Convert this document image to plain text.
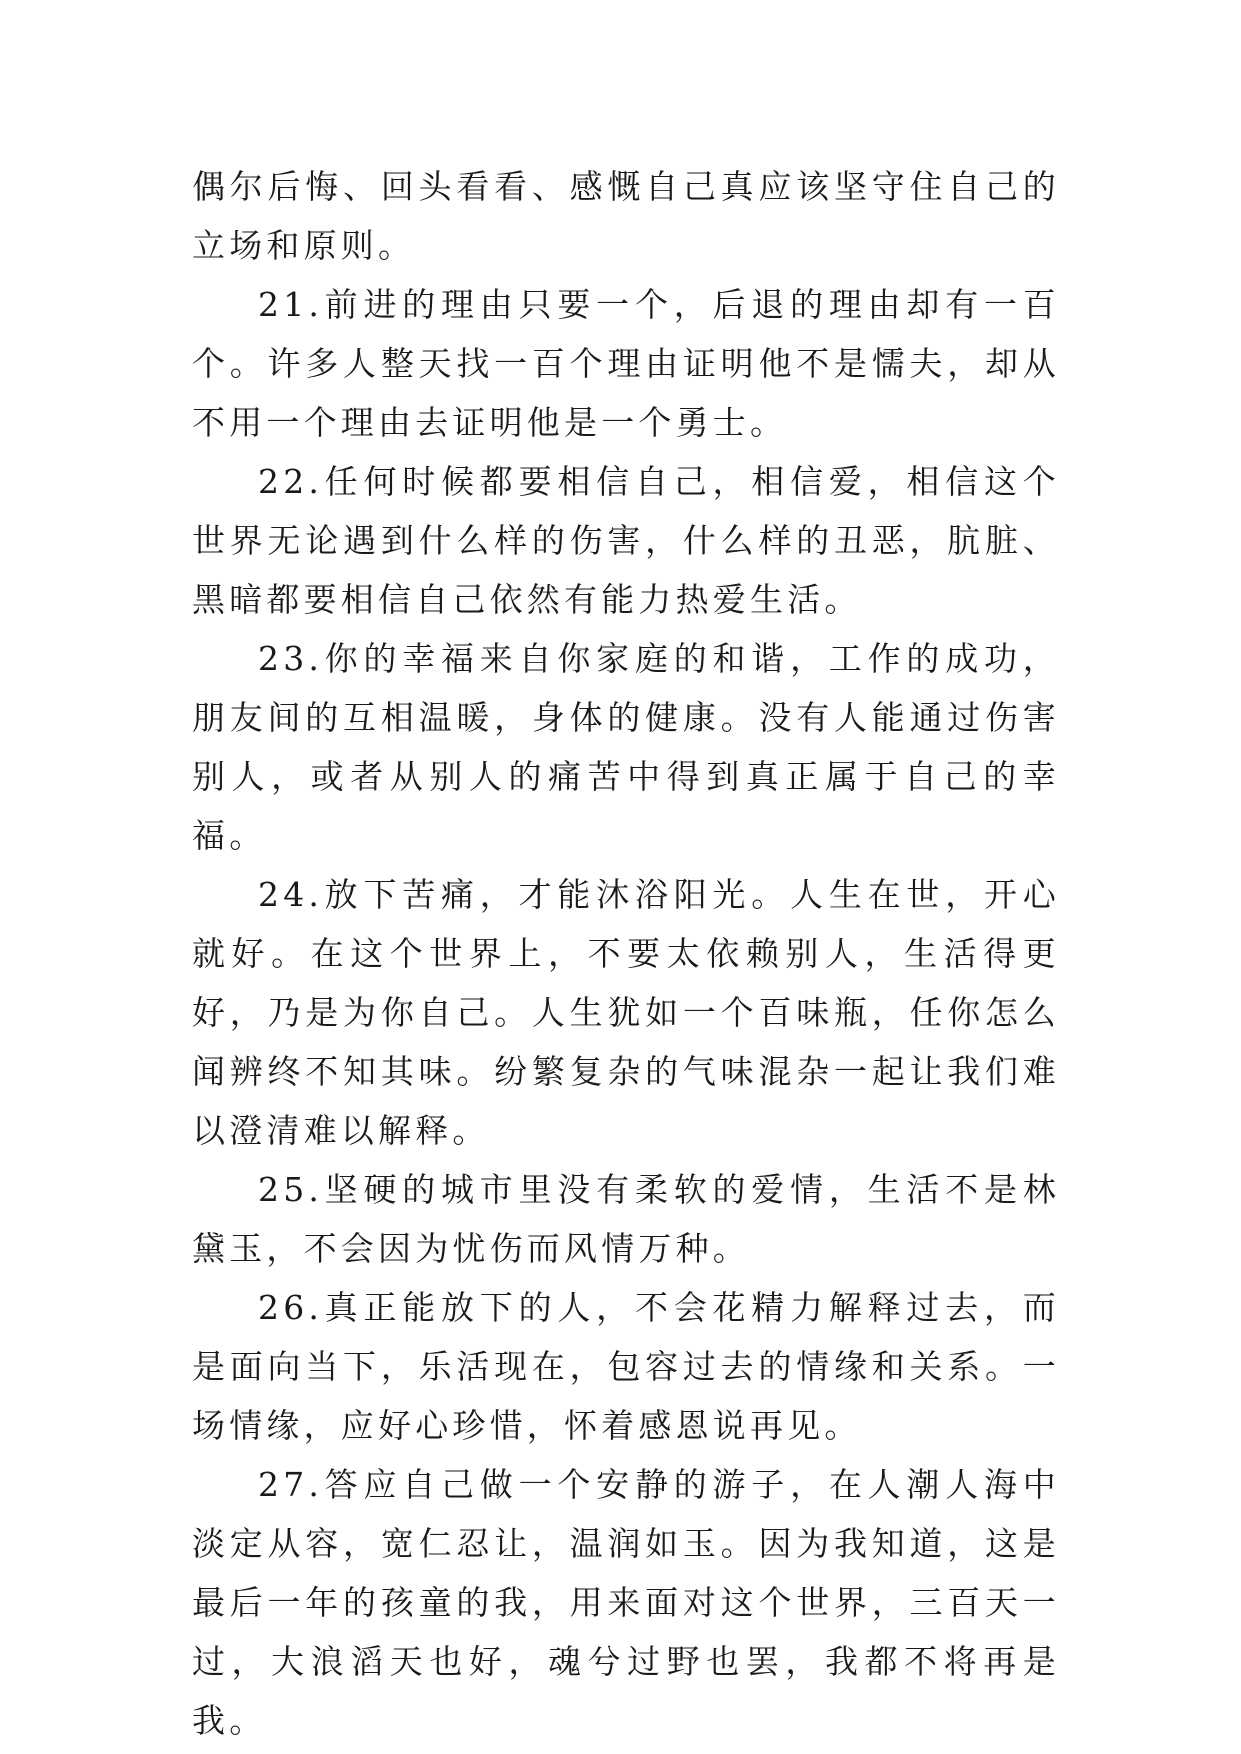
偶尔后悔、回头看看、感慨自己真应该坚守住自己的立场和原则。

21.前进的理由只要一个，后退的理由却有一百个。许多人整天找一百个理由证明他不是懦夫，却从不用一个理由去证明他是一个勇士。

22.任何时候都要相信自己，相信爱，相信这个世界无论遇到什么样的伤害，什么样的丑恶，肮脏、黑暗都要相信自己依然有能力热爱生活。

23.你的幸福来自你家庭的和谐，工作的成功，朋友间的互相温暖，身体的健康。没有人能通过伤害别人，或者从别人的痛苦中得到真正属于自己的幸福。

24.放下苦痛，才能沐浴阳光。人生在世，开心就好。在这个世界上，不要太依赖别人，生活得更好，乃是为你自己。人生犹如一个百味瓶，任你怎么闻辨终不知其味。纷繁复杂的气味混杂一起让我们难以澄清难以解释。

25.坚硬的城市里没有柔软的爱情，生活不是林黛玉，不会因为忧伤而风情万种。

26.真正能放下的人，不会花精力解释过去，而是面向当下，乐活现在，包容过去的情缘和关系。一场情缘，应好心珍惜，怀着感恩说再见。

27.答应自己做一个安静的游子，在人潮人海中淡定从容，宽仁忍让，温润如玉。因为我知道，这是最后一年的孩童的我，用来面对这个世界，三百天一过，大浪滔天也好，魂兮过野也罢，我都不将再是我。
